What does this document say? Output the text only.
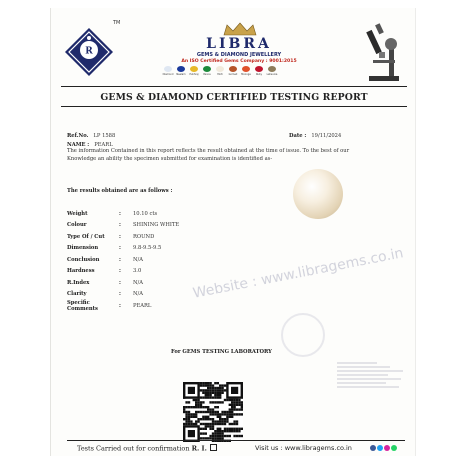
R
TM
LIBRA
GEMS & DIAMOND JEWELLERY
An ISO Certified Gems Company : 9001:2015
Diamond Neelam Pukhraj Panna	Moti	Gomed Moonga Ruby Lehsunia
GEMS & DIAMOND CERTIFIED TESTING REPORT
Ref.No. LP 1588
NAME : PEARL
Date : 19/11/2024
The information Contained in this report reflects the result obtained at the time of issue. To the best of our Knowledge an ability the specimen submitted for examination is identified as-
The results obtained are as follows :
Weight	:	10.10 cts
Colour	:	SHINING WHITE
Type Of / Cut	:	ROUND
Dimension	:	9.8-9.5-9.5
Conclusion	:	N/A
Hardness	:	3.0
R.Index	:	N/A
Clarity	:	N/A
Specific Comments	:	PEARL
Website : www.libragems.co.in
For GEMS TESTING LABORATORY
Tests Carried out for confirmation R. I.	Visit us : www.libragems.co.in
